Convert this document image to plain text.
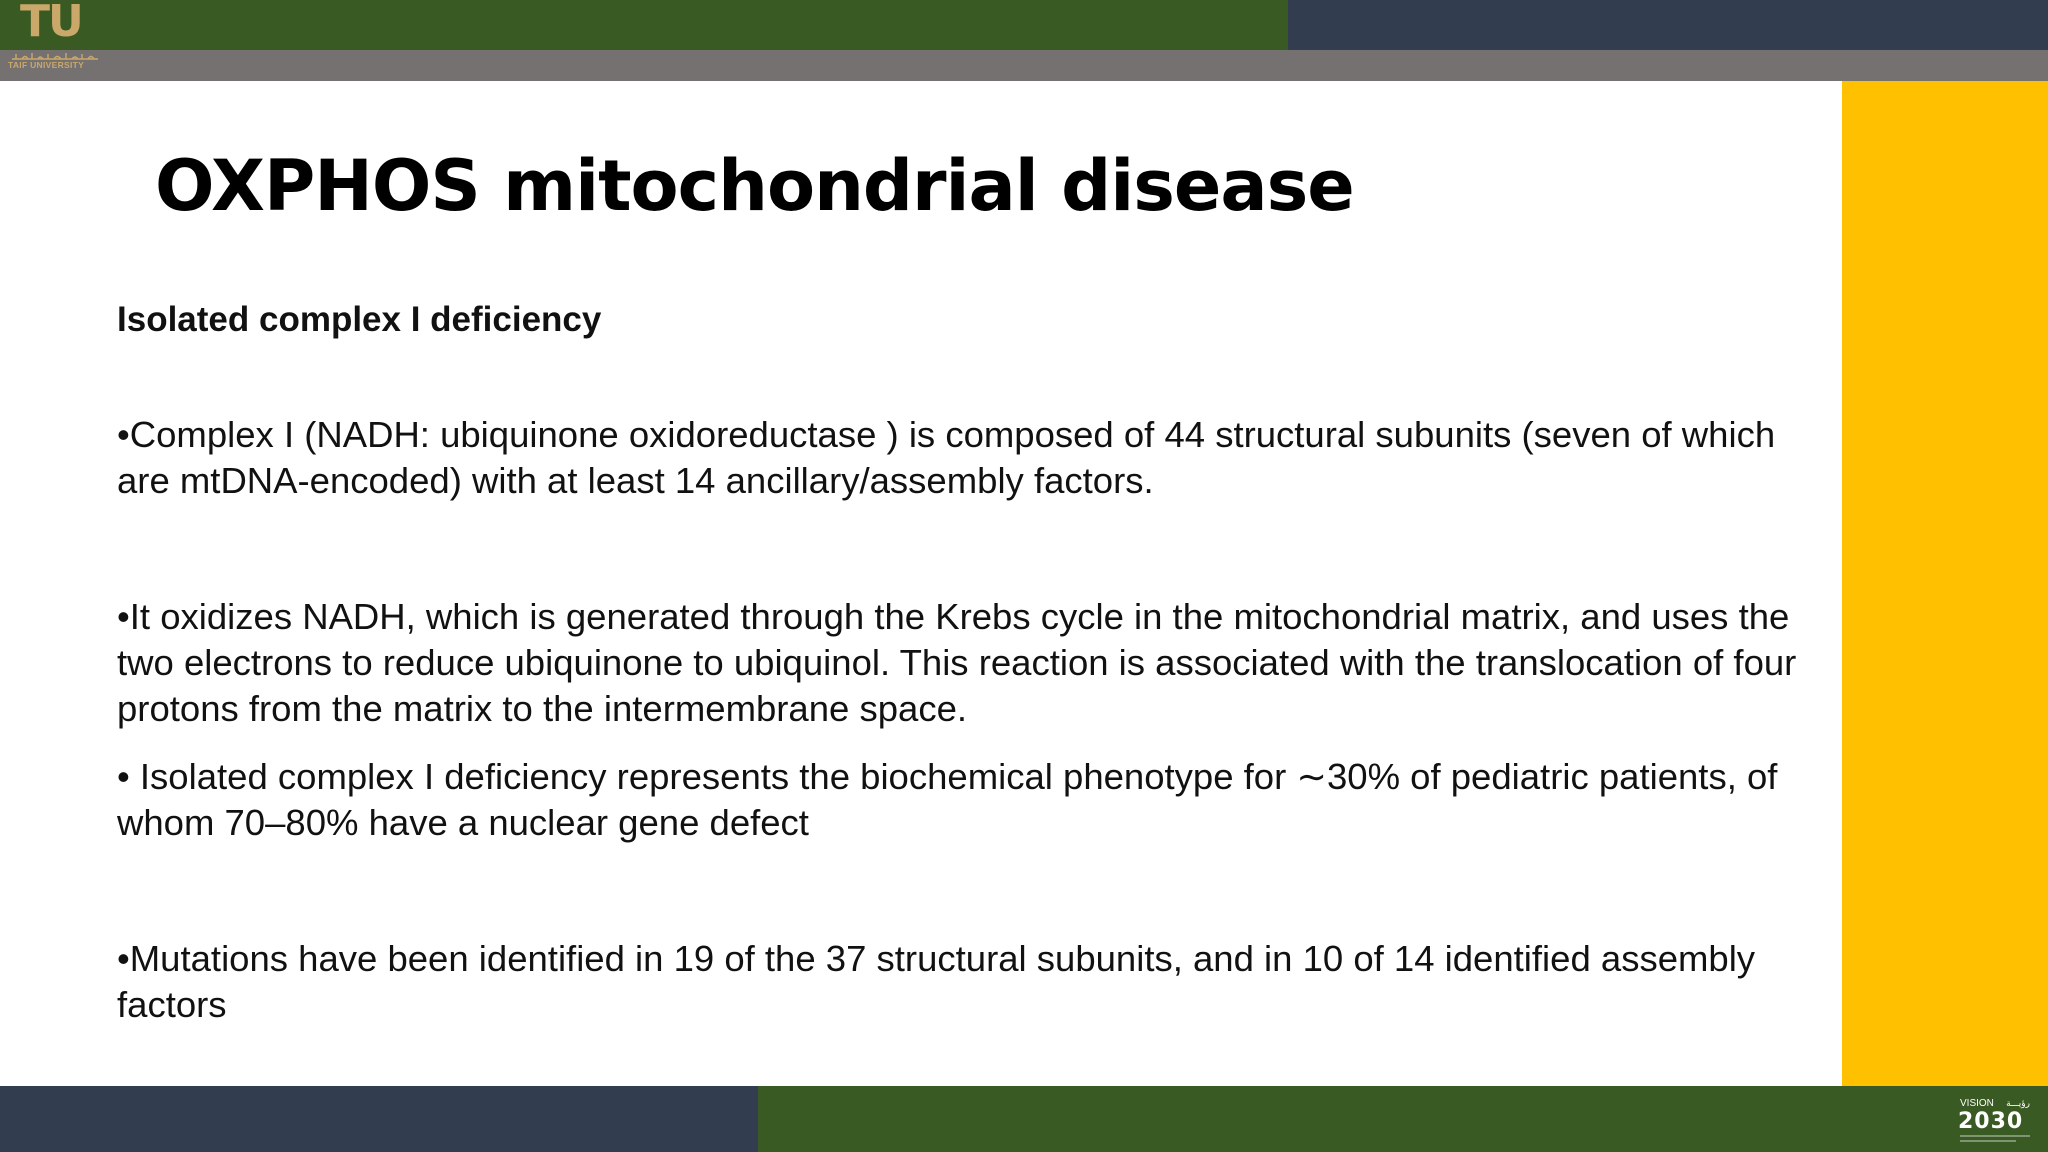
TU
TAIF UNIVERSITY
OXPHOS mitochondrial disease

Isolated complex I deficiency

•Complex I (NADH: ubiquinone oxidoreductase ) is composed of 44 structural subunits (seven of which are mtDNA-encoded) with at least 14 ancillary/assembly factors.

•It oxidizes NADH, which is generated through the Krebs cycle in the mitochondrial matrix, and uses the two electrons to reduce ubiquinone to ubiquinol. This reaction is associated with the translocation of four protons from the matrix to the intermembrane space.

• Isolated complex I deficiency represents the biochemical phenotype for ∼30% of pediatric patients, of whom 70–80% have a nuclear gene defect

•Mutations have been identified in 19 of the 37 structural subunits, and in 10 of 14 identified assembly factors

VISION رؤيـــة
2030
